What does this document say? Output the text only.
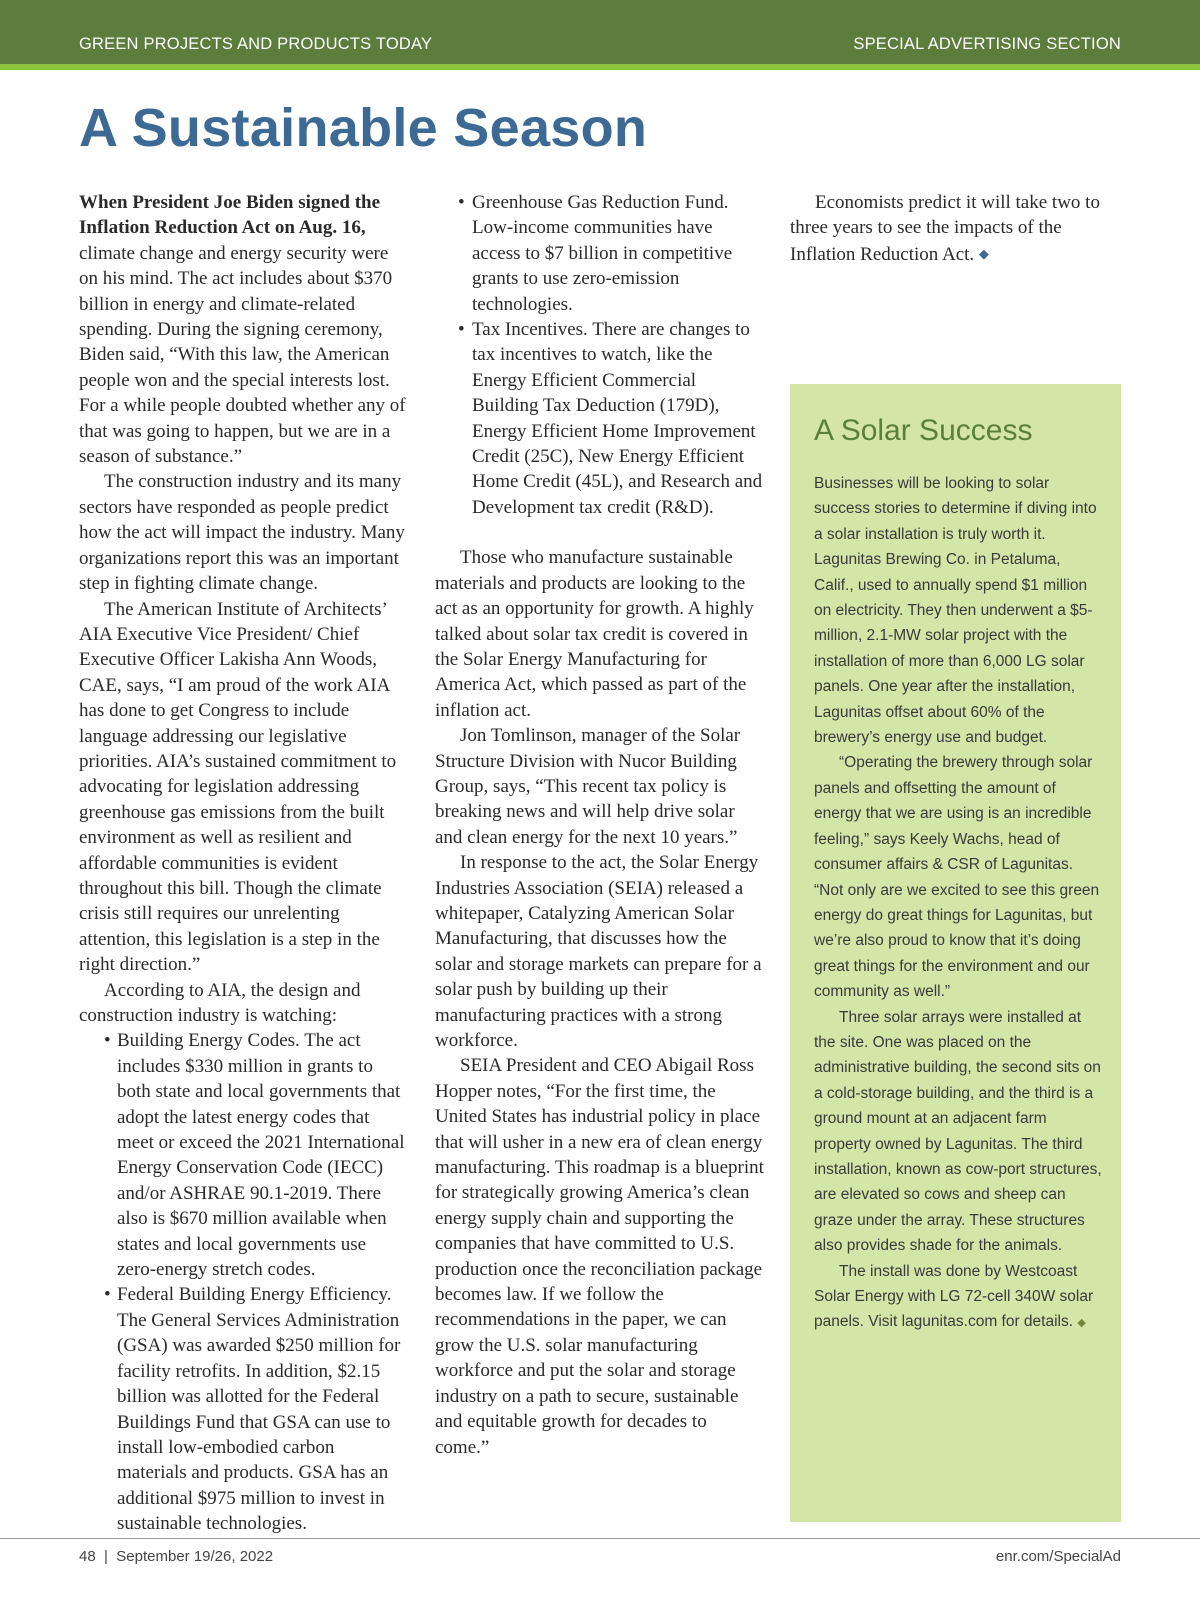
GREEN PROJECTS AND PRODUCTS TODAY	SPECIAL ADVERTISING SECTION
A Sustainable Season

When President Joe Biden signed the Inflation Reduction Act on Aug. 16, climate change and energy security were on his mind. The act includes about $370 billion in energy and climate-related spending. During the signing ceremony, Biden said, “With this law, the American people won and the special interests lost. For a while people doubted whether any of that was going to happen, but we are in a season of substance.”

The construction industry and its many sectors have responded as people predict how the act will impact the industry. Many organizations report this was an important step in fighting climate change.

The American Institute of Architects’ AIA Executive Vice President/ Chief Executive Officer Lakisha Ann Woods, CAE, says, “I am proud of the work AIA has done to get Congress to include language addressing our legislative priorities. AIA’s sustained commitment to advocating for legislation addressing greenhouse gas emissions from the built environment as well as resilient and affordable communities is evident throughout this bill. Though the climate crisis still requires our unrelenting attention, this legislation is a step in the right direction.”

According to AIA, the design and construction industry is watching:

• Building Energy Codes. The act includes $330 million in grants to both state and local governments that adopt the latest energy codes that meet or exceed the 2021 International Energy Conservation Code (IECC) and/or ASHRAE 90.1-2019. There also is $670 million available when states and local governments use zero-energy stretch codes.

• Federal Building Energy Efficiency. The General Services Administration (GSA) was awarded $250 million for facility retrofits. In addition, $2.15 billion was allotted for the Federal Buildings Fund that GSA can use to install low-embodied carbon materials and products. GSA has an additional $975 million to invest in sustainable technologies.

• Greenhouse Gas Reduction Fund. Low-income communities have access to $7 billion in competitive grants to use zero-emission technologies.

• Tax Incentives. There are changes to tax incentives to watch, like the Energy Efficient Commercial Building Tax Deduction (179D), Energy Efficient Home Improvement Credit (25C), New Energy Efficient Home Credit (45L), and Research and Development tax credit (R&D).

Those who manufacture sustainable materials and products are looking to the act as an opportunity for growth. A highly talked about solar tax credit is covered in the Solar Energy Manufacturing for America Act, which passed as part of the inflation act.

Jon Tomlinson, manager of the Solar Structure Division with Nucor Building Group, says, “This recent tax policy is breaking news and will help drive solar and clean energy for the next 10 years.”

In response to the act, the Solar Energy Industries Association (SEIA) released a whitepaper, Catalyzing American Solar Manufacturing, that discusses how the solar and storage markets can prepare for a solar push by building up their manufacturing practices with a strong workforce.

SEIA President and CEO Abigail Ross Hopper notes, “For the first time, the United States has industrial policy in place that will usher in a new era of clean energy manufacturing. This roadmap is a blueprint for strategically growing America’s clean energy supply chain and supporting the companies that have committed to U.S. production once the reconciliation package becomes law. If we follow the recommendations in the paper, we can grow the U.S. solar manufacturing workforce and put the solar and storage industry on a path to secure, sustainable and equitable growth for decades to come.”

Economists predict it will take two to three years to see the impacts of the Inflation Reduction Act. ◆

A Solar Success

Businesses will be looking to solar success stories to determine if diving into a solar installation is truly worth it. Lagunitas Brewing Co. in Petaluma, Calif., used to annually spend $1 million on electricity. They then underwent a $5-million, 2.1-MW solar project with the installation of more than 6,000 LG solar panels. One year after the installation, Lagunitas offset about 60% of the brewery’s energy use and budget.

“Operating the brewery through solar panels and offsetting the amount of energy that we are using is an incredible feeling,” says Keely Wachs, head of consumer affairs & CSR of Lagunitas. “Not only are we excited to see this green energy do great things for Lagunitas, but we’re also proud to know that it’s doing great things for the environment and our community as well.”

Three solar arrays were installed at the site. One was placed on the administrative building, the second sits on a cold-storage building, and the third is a ground mount at an adjacent farm property owned by Lagunitas. The third installation, known as cow-port structures, are elevated so cows and sheep can graze under the array. These structures also provides shade for the animals.

The install was done by Westcoast Solar Energy with LG 72-cell 340W solar panels. Visit lagunitas.com for details. ◆

48 | September 19/26, 2022	enr.com/SpecialAd
